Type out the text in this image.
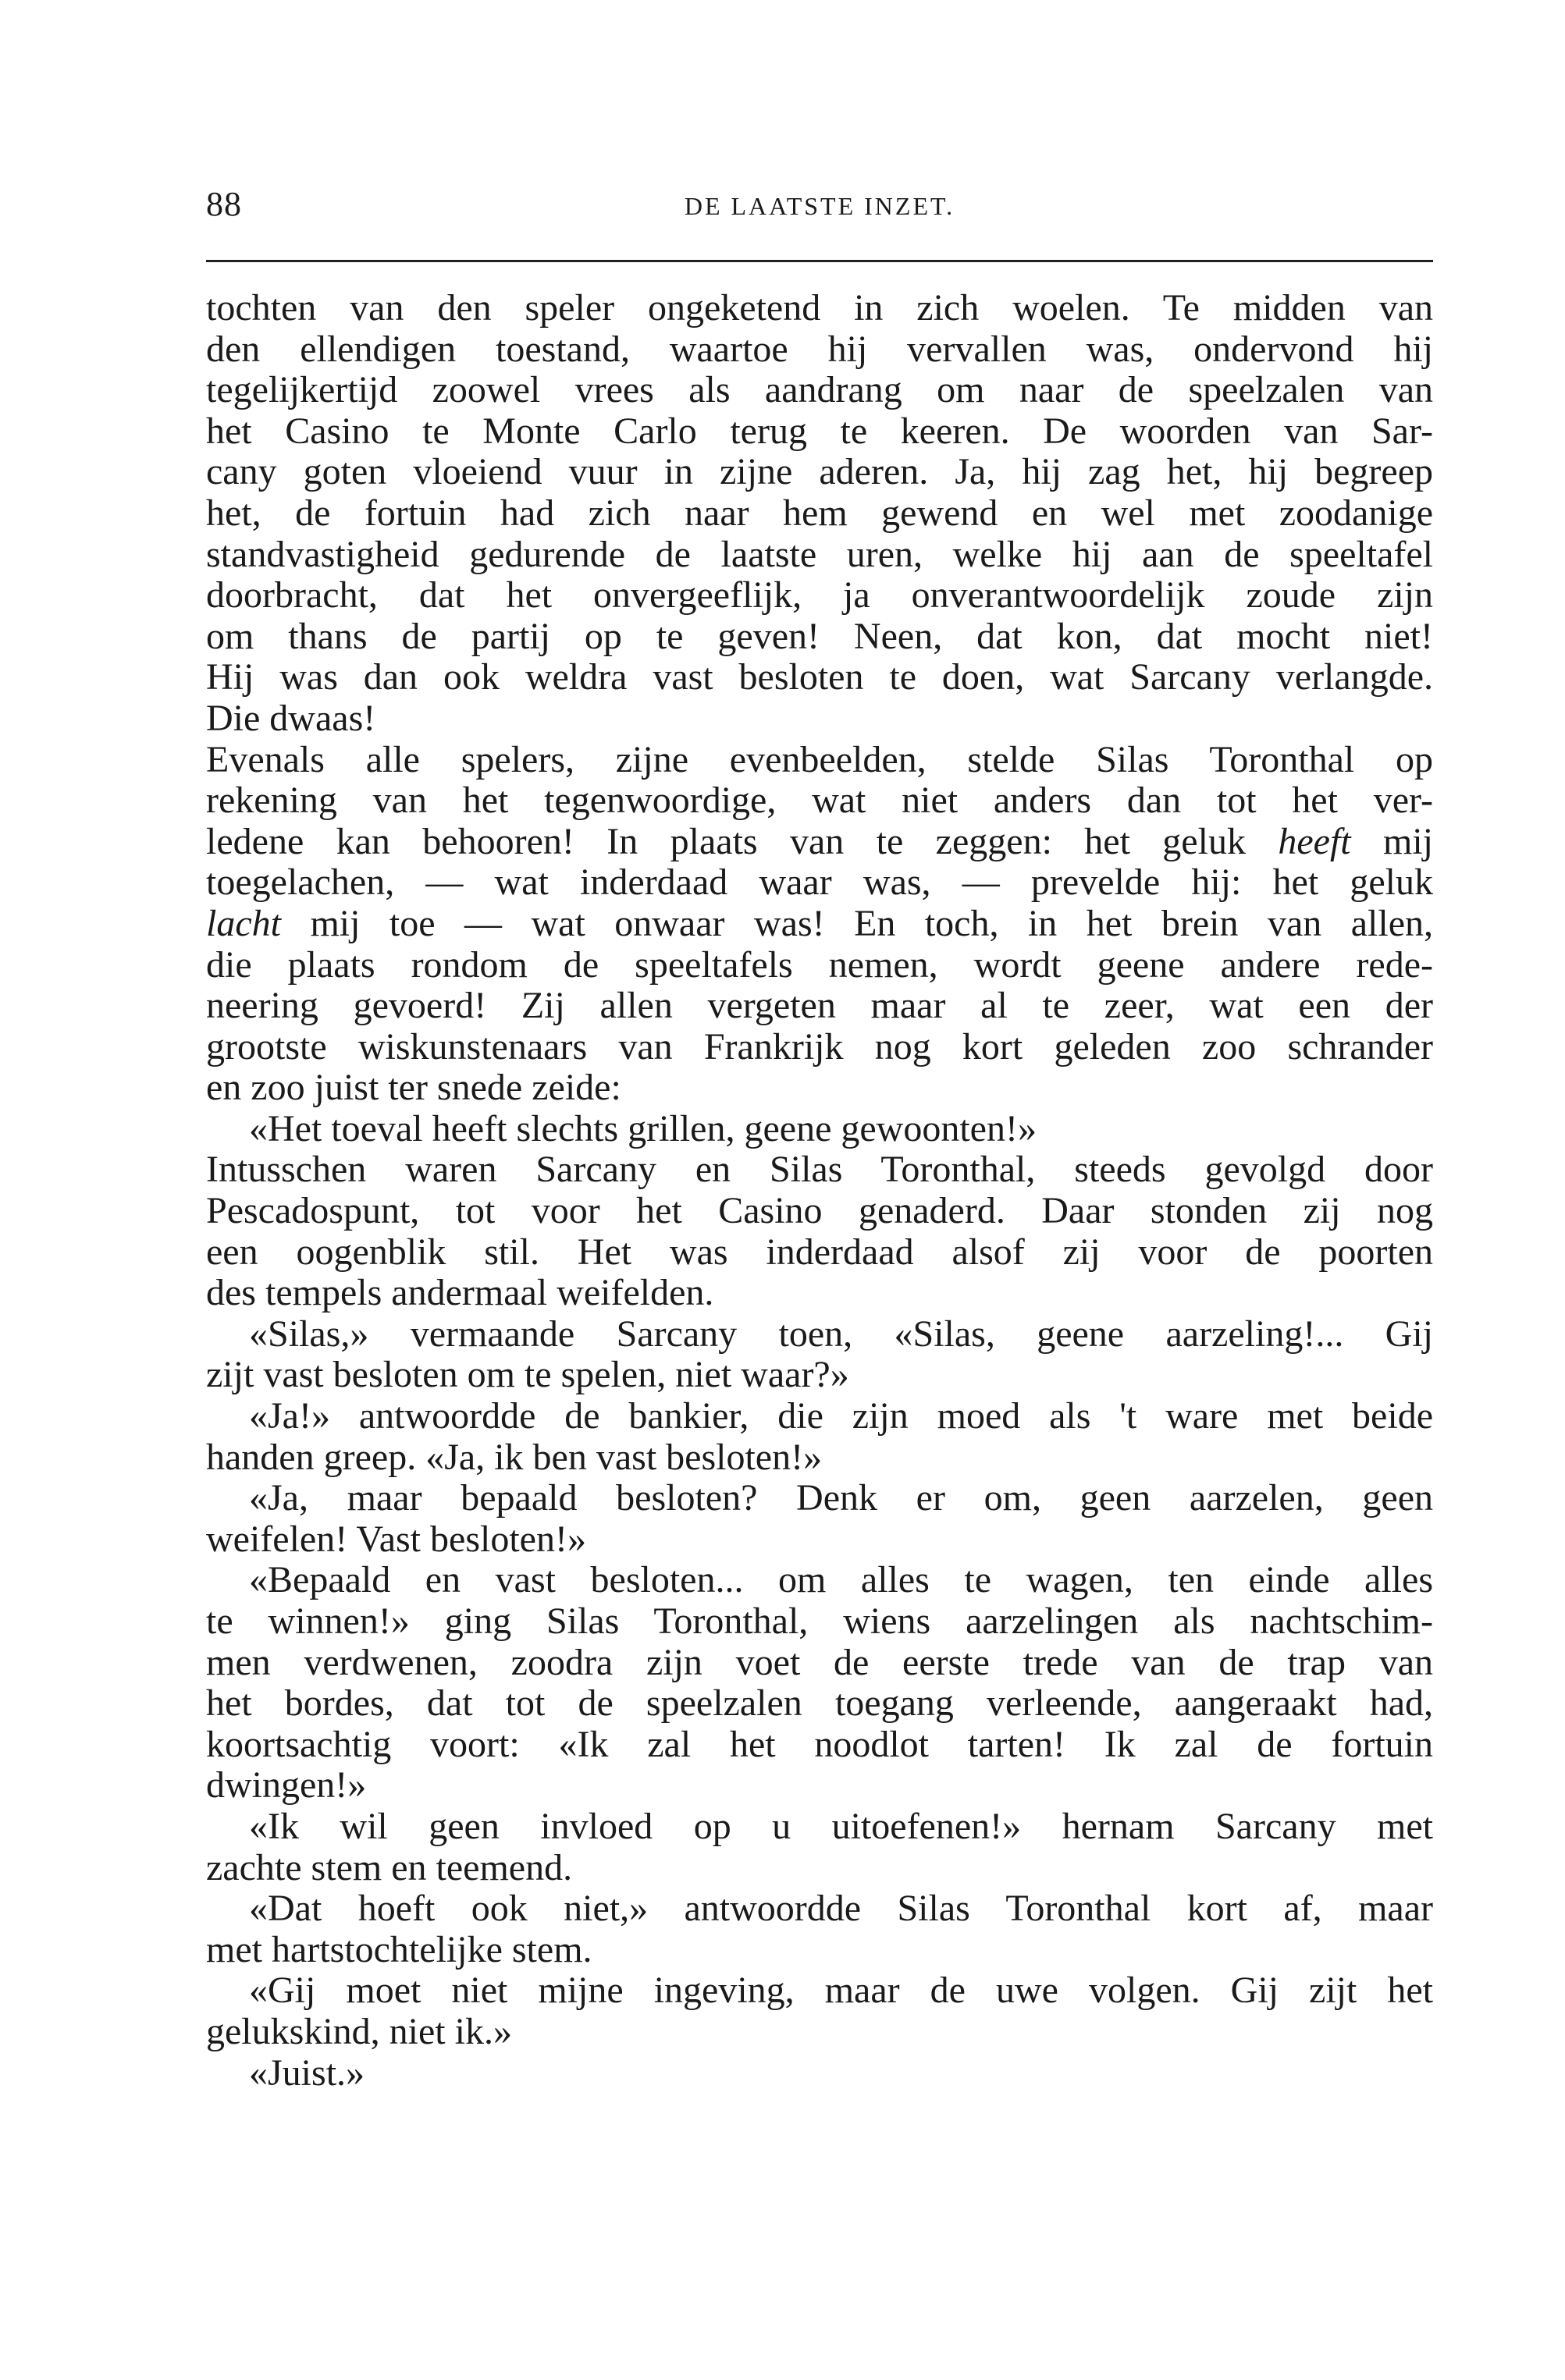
88	DE LAATSTE INZET.
tochten van den speler ongeketend in zich woelen. Te midden van
den ellendigen toestand, waartoe hij vervallen was, ondervond hij
tegelijkertijd zoowel vrees als aandrang om naar de speelzalen van
het Casino te Monte Carlo terug te keeren. De woorden van Sar-
cany goten vloeiend vuur in zijne aderen. Ja, hij zag het, hij begreep
het, de fortuin had zich naar hem gewend en wel met zoodanige
standvastigheid gedurende de laatste uren, welke hij aan de speeltafel
doorbracht, dat het onvergeeflijk, ja onverantwoordelijk zoude zijn
om thans de partij op te geven! Neen, dat kon, dat mocht niet!
Hij was dan ook weldra vast besloten te doen, wat Sarcany verlangde.
Die dwaas!
Evenals alle spelers, zijne evenbeelden, stelde Silas Toronthal op
rekening van het tegenwoordige, wat niet anders dan tot het ver-
ledene kan behooren! In plaats van te zeggen: het geluk heeft mij
toegelachen, — wat inderdaad waar was, — prevelde hij: het geluk
lacht mij toe — wat onwaar was! En toch, in het brein van allen,
die plaats rondom de speeltafels nemen, wordt geene andere rede-
neering gevoerd! Zij allen vergeten maar al te zeer, wat een der
grootste wiskunstenaars van Frankrijk nog kort geleden zoo schrander
en zoo juist ter snede zeide:
«Het toeval heeft slechts grillen, geene gewoonten!»
Intusschen waren Sarcany en Silas Toronthal, steeds gevolgd door
Pescadospunt, tot voor het Casino genaderd. Daar stonden zij nog
een oogenblik stil. Het was inderdaad alsof zij voor de poorten
des tempels andermaal weifelden.
«Silas,» vermaande Sarcany toen, «Silas, geene aarzeling!... Gij
zijt vast besloten om te spelen, niet waar?»
«Ja!» antwoordde de bankier, die zijn moed als 't ware met beide
handen greep. «Ja, ik ben vast besloten!»
«Ja, maar bepaald besloten? Denk er om, geen aarzelen, geen
weifelen! Vast besloten!»
«Bepaald en vast besloten... om alles te wagen, ten einde alles
te winnen!» ging Silas Toronthal, wiens aarzelingen als nachtschim-
men verdwenen, zoodra zijn voet de eerste trede van de trap van
het bordes, dat tot de speelzalen toegang verleende, aangeraakt had,
koortsachtig voort: «Ik zal het noodlot tarten! Ik zal de fortuin
dwingen!»
«Ik wil geen invloed op u uitoefenen!» hernam Sarcany met
zachte stem en teemend.
«Dat hoeft ook niet,» antwoordde Silas Toronthal kort af, maar
met hartstochtelijke stem.
«Gij moet niet mijne ingeving, maar de uwe volgen. Gij zijt het
gelukskind, niet ik.»
«Juist.»
